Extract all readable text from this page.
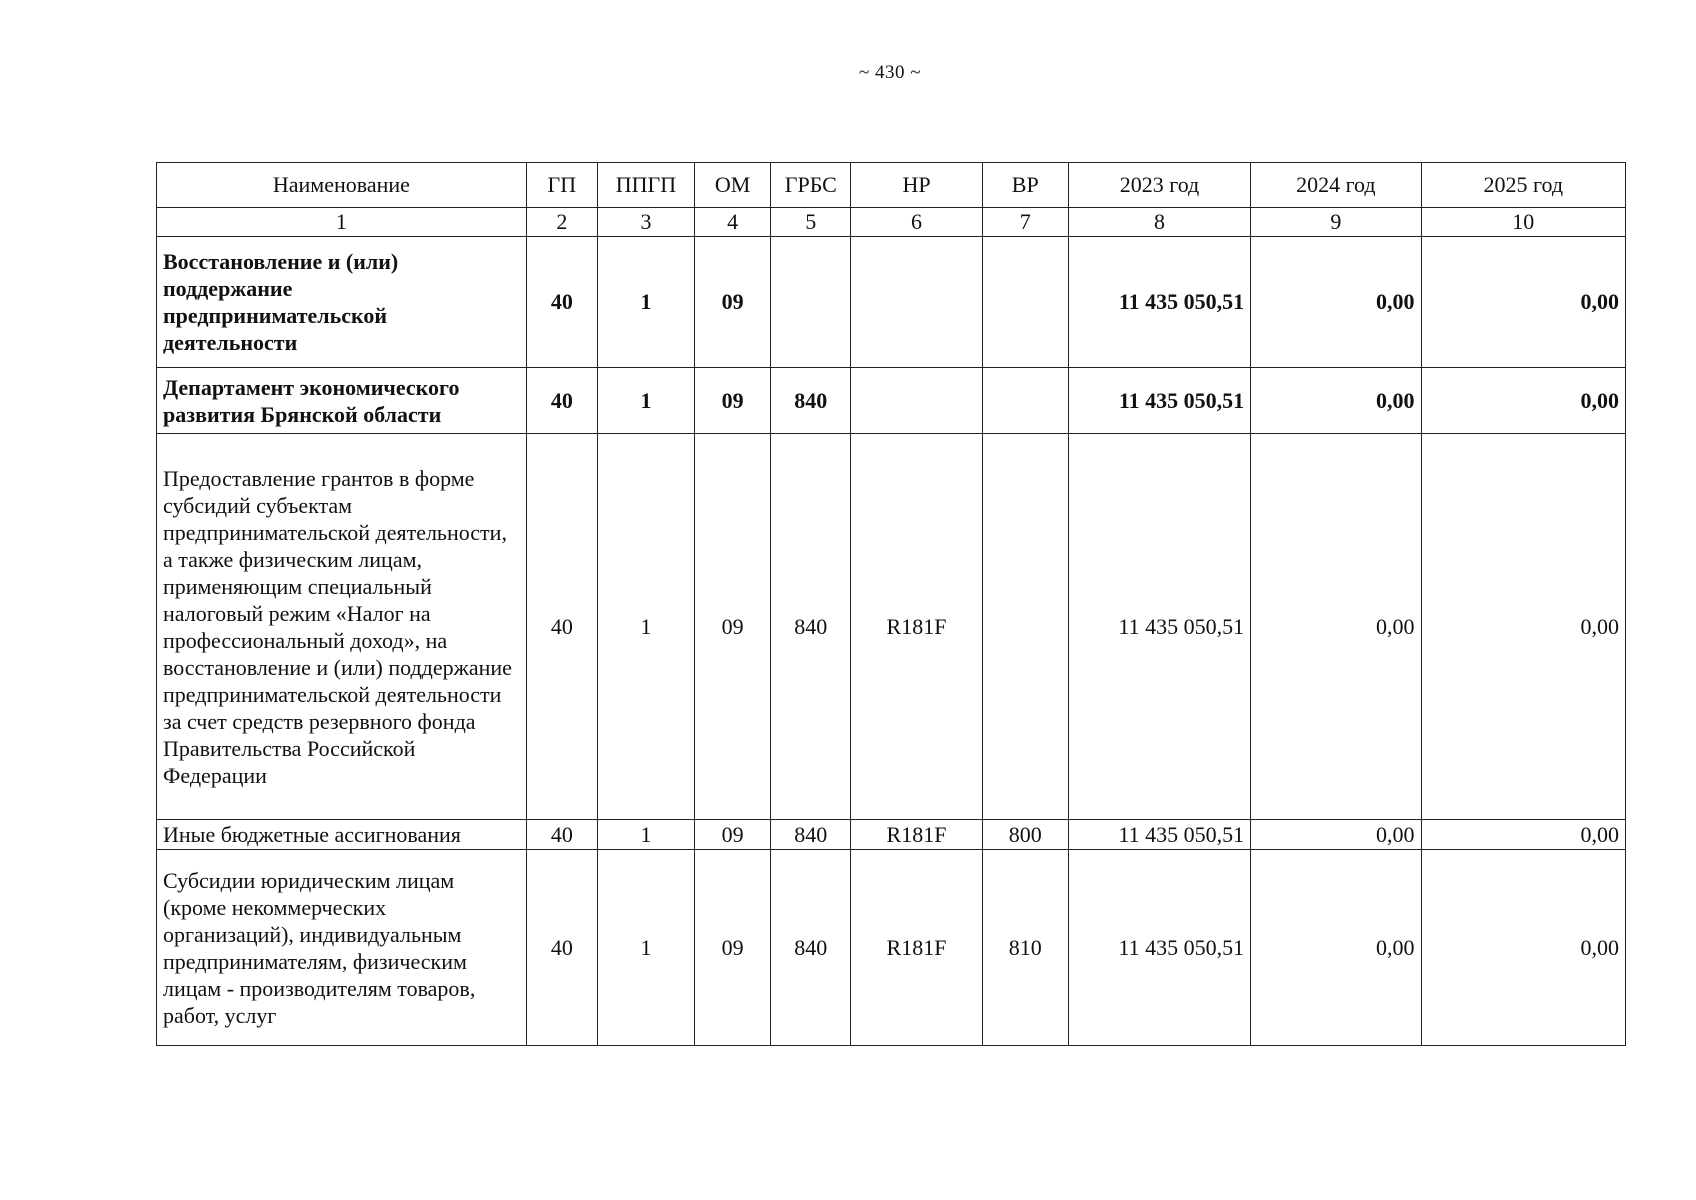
~ 430 ~
Наименование	ГП	ППГП	ОМ	ГРБС	НР	ВР	2023 год	2024 год	2025 год
1	2	3	4	5	6	7	8	9	10
Восстановление и (или) поддержание предпринимательской деятельности	40	1	09				11 435 050,51	0,00	0,00
Департамент экономического развития Брянской области	40	1	09	840			11 435 050,51	0,00	0,00
Предоставление грантов в форме субсидий субъектам предпринимательской деятельности, а также физическим лицам, применяющим специальный налоговый режим «Налог на профессиональный доход», на восстановление и (или) поддержание предпринимательской деятельности за счет средств резервного фонда Правительства Российской Федерации	40	1	09	840	R181F		11 435 050,51	0,00	0,00
Иные бюджетные ассигнования	40	1	09	840	R181F	800	11 435 050,51	0,00	0,00
Субсидии юридическим лицам (кроме некоммерческих организаций), индивидуальным предпринимателям, физическим лицам - производителям товаров, работ, услуг	40	1	09	840	R181F	810	11 435 050,51	0,00	0,00
